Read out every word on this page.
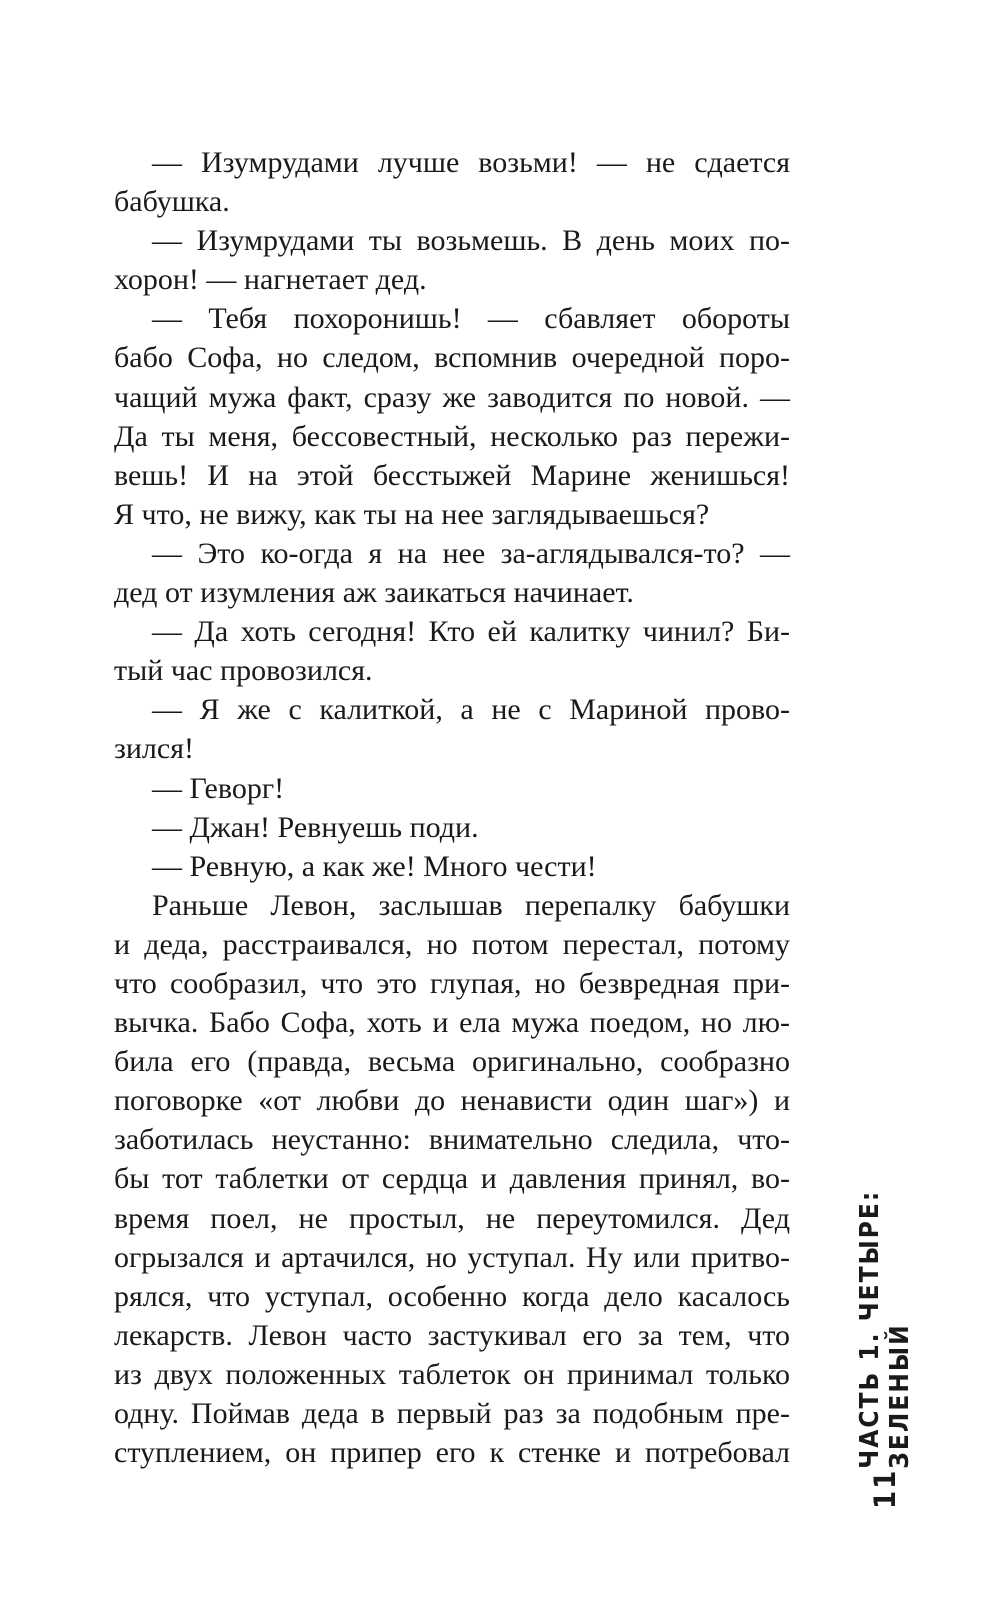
— Изумрудами лучше возьми! — не сдается
бабушка.
— Изумрудами ты возьмешь. В день моих по-
хорон! — нагнетает дед.
— Тебя похоронишь! — сбавляет обороты
бабо Софа, но следом, вспомнив очередной поро-
чащий мужа факт, сразу же заводится по новой. —
Да ты меня, бессовестный, несколько раз пережи-
вешь! И на этой бесстыжей Марине женишься!
Я что, не вижу, как ты на нее заглядываешься?
— Это ко-огда я на нее за-аглядывался-то? —
дед от изумления аж заикаться начинает.
— Да хоть сегодня! Кто ей калитку чинил? Би-
тый час провозился.
— Я же с калиткой, а не с Мариной прово-
зился!
— Геворг!
— Джан! Ревнуешь поди.
— Ревную, а как же! Много чести!
Раньше Левон, заслышав перепалку бабушки
и деда, расстраивался, но потом перестал, потому
что сообразил, что это глупая, но безвредная при-
вычка. Бабо Софа, хоть и ела мужа поедом, но лю-
била его (правда, весьма оригинально, сообразно
поговорке «от любви до ненависти один шаг») и
заботилась неустанно: внимательно следила, что-
бы тот таблетки от сердца и давления принял, во-
время поел, не простыл, не переутомился. Дед
огрызался и артачился, но уступал. Ну или притво-
рялся, что уступал, особенно когда дело касалось
лекарств. Левон часто застукивал его за тем, что
из двух положенных таблеток он принимал только
одну. Поймав деда в первый раз за подобным пре-
ступлением, он припер его к стенке и потребовал
11
ЧАСТЬ 1. ЧЕТЫРЕ: ЗЕЛЕНЫЙ
